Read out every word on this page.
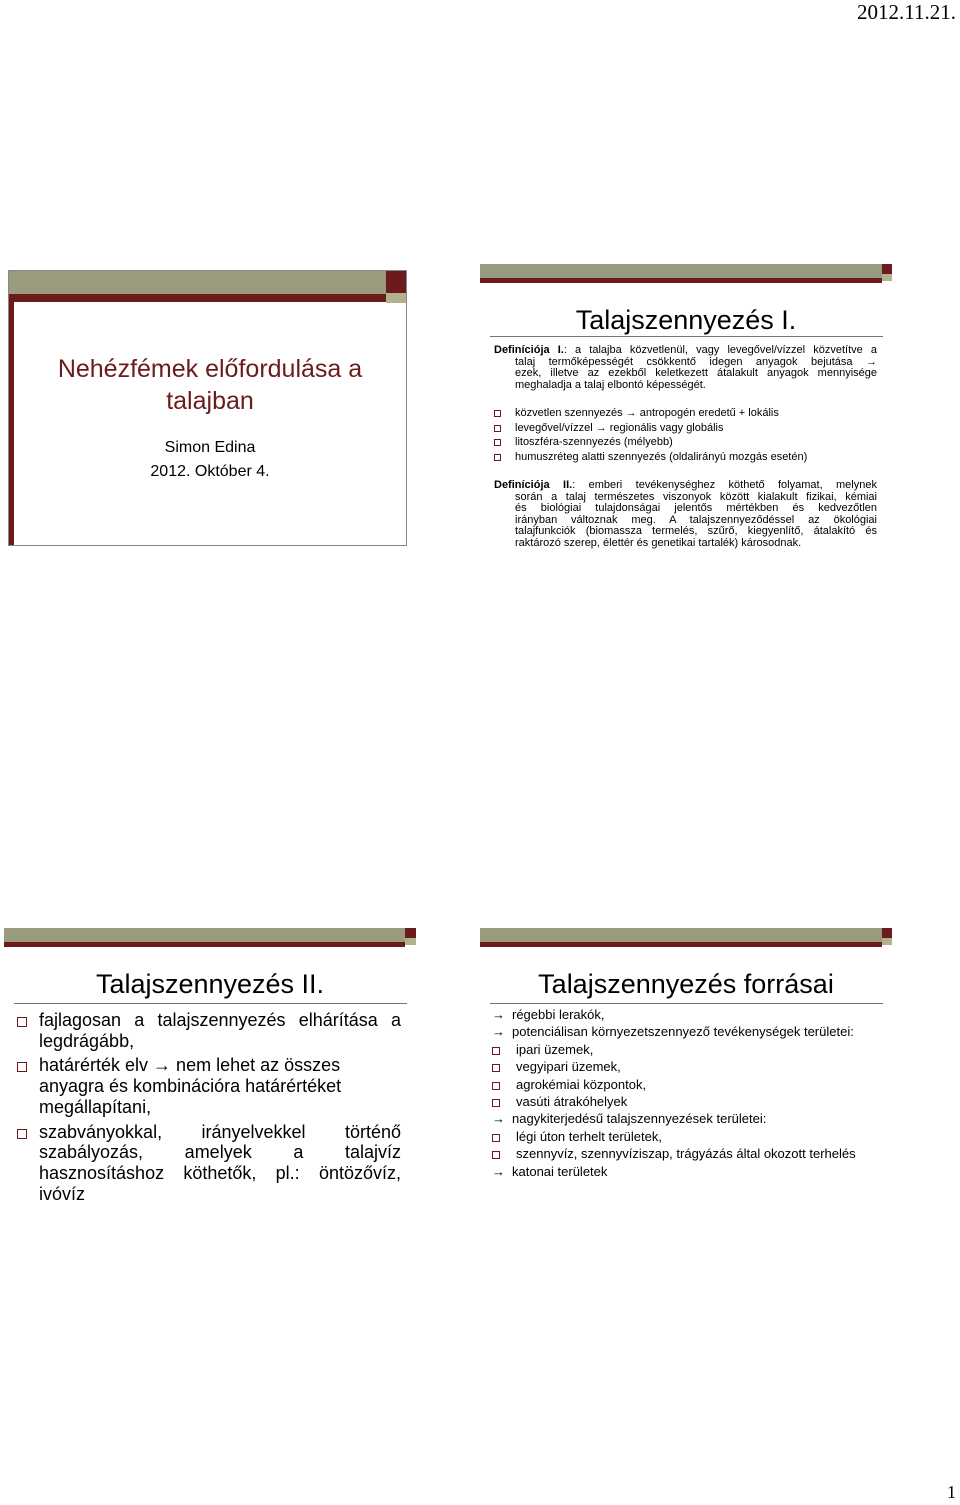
2012.11.21.
1
Nehézfémek előfordulása a
talajban
Simon Edina
2012. Október 4.
Talajszennyezés I.
Definíciója I.: a talajba közvetlenül, vagy levegővel/vízzel közvetítve a
talaj termőképességét csökkentő idegen anyagok bejutása →
ezek, illetve az ezekből keletkezett átalakult anyagok mennyisége
meghaladja a talaj elbontó képességét.
közvetlen szennyezés → antropogén eredetű + lokális
levegővel/vízzel → regionális vagy globális
litoszféra-szennyezés (mélyebb)
humuszréteg alatti szennyezés (oldalirányú mozgás esetén)
Definíciója II.: emberi tevékenységhez köthető folyamat, melynek
során a talaj természetes viszonyok között kialakult fizikai, kémiai
és biológiai tulajdonságai jelentős mértékben és kedvezőtlen
irányban változnak meg. A talajszennyeződéssel az ökológiai
talajfunkciók (biomassza termelés, szűrő, kiegyenlítő, átalakító és
raktározó szerep, élettér és genetikai tartalék) károsodnak.
Talajszennyezés II.
fajlagosan a talajszennyezés elhárítása a legdrágább,
határérték elv → nem lehet az összes anyagra és kombinációra határértéket megállapítani,
szabványokkal, irányelvekkel történő szabályozás, amelyek a talajvíz hasznosításhoz köthetők, pl.: öntözővíz, ivóvíz
Talajszennyezés forrásai
→ régebbi lerakók,
→ potenciálisan környezetszennyező tevékenységek területei:
ipari üzemek,
vegyipari üzemek,
agrokémiai központok,
vasúti átrakóhelyek
→ nagykiterjedésű talajszennyezések területei:
légi úton terhelt területek,
szennyvíz, szennyvíziszap, trágyázás által okozott terhelés
→ katonai területek
